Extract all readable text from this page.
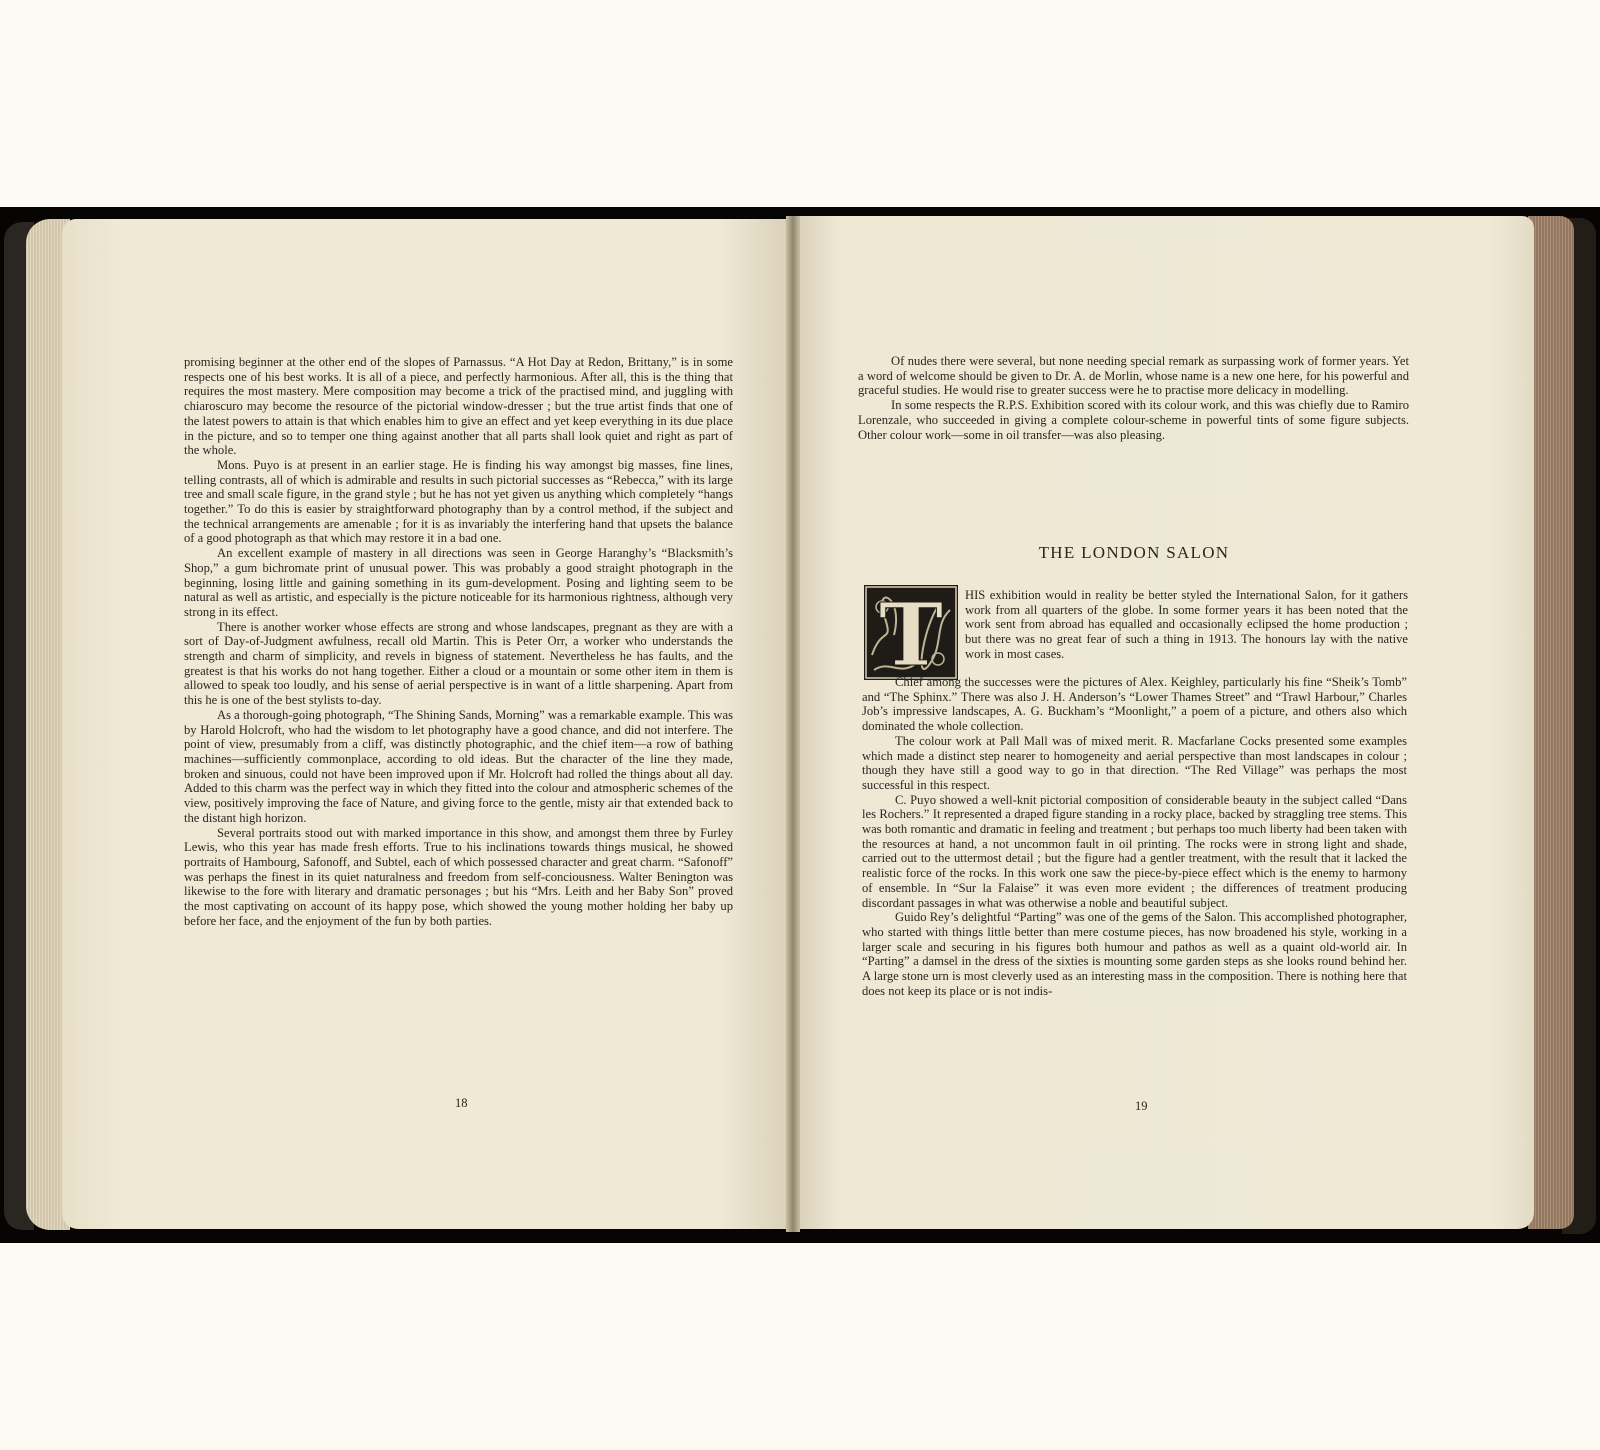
promising beginner at the other end of the slopes of Parnassus. “A Hot Day at Redon, Brittany,” is in some respects one of his best works. It is all of a piece, and perfectly harmonious. After all, this is the thing that requires the most mastery. Mere composition may become a trick of the practised mind, and juggling with chiaroscuro may become the resource of the pictorial window-dresser ; but the true artist finds that one of the latest powers to attain is that which enables him to give an effect and yet keep everything in its due place in the picture, and so to temper one thing against another that all parts shall look quiet and right as part of the whole.

Mons. Puyo is at present in an earlier stage. He is finding his way amongst big masses, fine lines, telling contrasts, all of which is admirable and results in such pictorial successes as “Rebecca,” with its large tree and small scale figure, in the grand style ; but he has not yet given us anything which completely “hangs together.” To do this is easier by straightforward photography than by a control method, if the subject and the technical arrangements are amenable ; for it is as invariably the interfering hand that upsets the balance of a good photograph as that which may restore it in a bad one.

An excellent example of mastery in all directions was seen in George Haranghy’s “Blacksmith’s Shop,” a gum bichromate print of unusual power. This was probably a good straight photograph in the beginning, losing little and gaining something in its gum-development. Posing and lighting seem to be natural as well as artistic, and especially is the picture noticeable for its harmonious rightness, although very strong in its effect.

There is another worker whose effects are strong and whose landscapes, pregnant as they are with a sort of Day-of-Judgment awfulness, recall old Martin. This is Peter Orr, a worker who understands the strength and charm of simplicity, and revels in bigness of statement. Nevertheless he has faults, and the greatest is that his works do not hang together. Either a cloud or a mountain or some other item in them is allowed to speak too loudly, and his sense of aerial perspective is in want of a little sharpening. Apart from this he is one of the best stylists to-day.

As a thorough-going photograph, “The Shining Sands, Morning” was a remarkable example. This was by Harold Holcroft, who had the wisdom to let photography have a good chance, and did not interfere. The point of view, presumably from a cliff, was distinctly photographic, and the chief item—a row of bathing machines—sufficiently commonplace, according to old ideas. But the character of the line they made, broken and sinuous, could not have been improved upon if Mr. Holcroft had rolled the things about all day. Added to this charm was the perfect way in which they fitted into the colour and atmospheric schemes of the view, positively improving the face of Nature, and giving force to the gentle, misty air that extended back to the distant high horizon.

Several portraits stood out with marked importance in this show, and amongst them three by Furley Lewis, who this year has made fresh efforts. True to his inclinations towards things musical, he showed portraits of Hambourg, Safonoff, and Subtel, each of which possessed character and great charm. “Safonoff” was perhaps the finest in its quiet naturalness and freedom from self-conciousness. Walter Benington was likewise to the fore with literary and dramatic personages ; but his “Mrs. Leith and her Baby Son” proved the most captivating on account of its happy pose, which showed the young mother holding her baby up before her face, and the enjoyment of the fun by both parties.

18

Of nudes there were several, but none needing special remark as surpassing work of former years. Yet a word of welcome should be given to Dr. A. de Morlin, whose name is a new one here, for his powerful and graceful studies. He would rise to greater success were he to practise more delicacy in modelling.

In some respects the R.P.S. Exhibition scored with its colour work, and this was chiefly due to Ramiro Lorenzale, who succeeded in giving a complete colour-scheme in powerful tints of some figure subjects. Other colour work—some in oil transfer—was also pleasing.

THE LONDON SALON
T HIS exhibition would in reality be better styled the International Salon, for it gathers work from all quarters of the globe. In some former years it has been noted that the work sent from abroad has equalled and occasionally eclipsed the home production ; but there was no great fear of such a thing in 1913. The honours lay with the native work in most cases.

Chief among the successes were the pictures of Alex. Keighley, particularly his fine “Sheik’s Tomb” and “The Sphinx.” There was also J. H. Anderson’s “Lower Thames Street” and “Trawl Harbour,” Charles Job’s impressive landscapes, A. G. Buckham’s “Moonlight,” a poem of a picture, and others also which dominated the whole collection.

The colour work at Pall Mall was of mixed merit. R. Macfarlane Cocks presented some examples which made a distinct step nearer to homogeneity and aerial perspective than most landscapes in colour ; though they have still a good way to go in that direction. “The Red Village” was perhaps the most successful in this respect.

C. Puyo showed a well-knit pictorial composition of considerable beauty in the subject called “Dans les Rochers.” It represented a draped figure standing in a rocky place, backed by straggling tree stems. This was both romantic and dramatic in feeling and treatment ; but perhaps too much liberty had been taken with the resources at hand, a not uncommon fault in oil printing. The rocks were in strong light and shade, carried out to the uttermost detail ; but the figure had a gentler treatment, with the result that it lacked the realistic force of the rocks. In this work one saw the piece-by-piece effect which is the enemy to harmony of ensemble. In “Sur la Falaise” it was even more evident ; the differences of treatment producing discordant passages in what was otherwise a noble and beautiful subject.

Guido Rey’s delightful “Parting” was one of the gems of the Salon. This accomplished photographer, who started with things little better than mere costume pieces, has now broadened his style, working in a larger scale and securing in his figures both humour and pathos as well as a quaint old-world air. In “Parting” a damsel in the dress of the sixties is mounting some garden steps as she looks round behind her. A large stone urn is most cleverly used as an interesting mass in the composition. There is nothing here that does not keep its place or is not indis-

19
